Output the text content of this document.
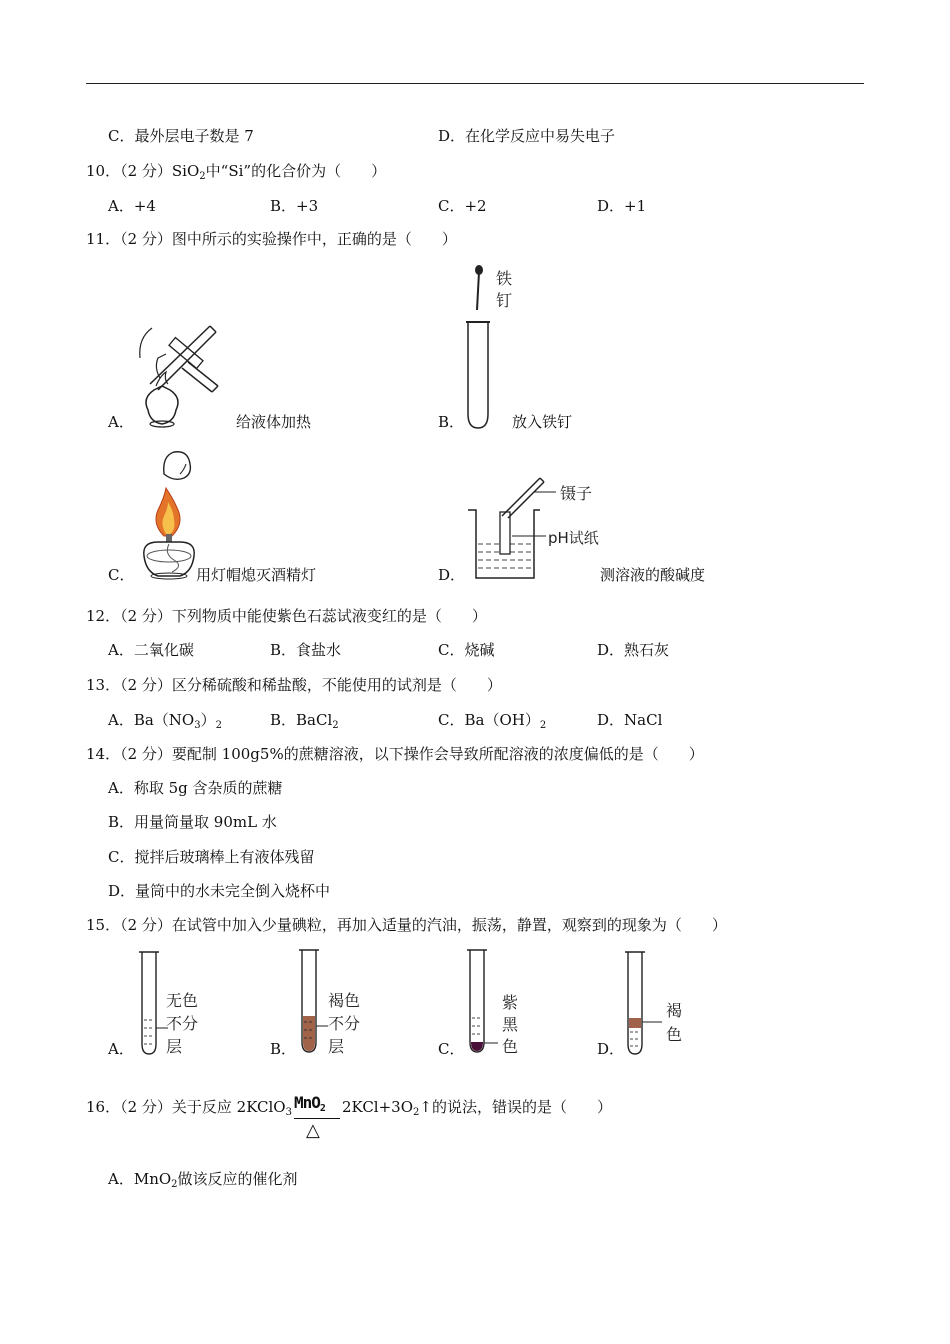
C．最外层电子数是 7	D．在化学反应中易失电子
10．（2 分）SiO$_2$中“Si”的化合价为（　　）
A．+4	B．+3	C．+2	D．+1
11．（2 分）图中所示的实验操作中，正确的是（　　）
A．	给液体加热	B．
铁
钉
放入铁钉
C．	用灯帽熄灭酒精灯	D．
镊子
pH试纸
测溶液的酸碱度
12．（2 分）下列物质中能使紫色石蕊试液变红的是（　　）
A．二氧化碳	B．食盐水	C．烧碱	D．熟石灰
13．（2 分）区分稀硫酸和稀盐酸，不能使用的试剂是（　　）
A．$Ba(NO_3)_2$	B．BaCl$_2$	C．$Ba(OH)_2$	D．NaCl
14．（2 分）要配制 100g5%的蔗糖溶液，以下操作会导致所配溶液的浓度偏低的是（　　）
A．称取 5g 含杂质的蔗糖
B．用量筒量取 90mL 水
C．搅拌后玻璃棒上有液体残留
D．量筒中的水未完全倒入烧杯中
15．（2 分）在试管中加入少量碘粒，再加入适量的汽油，振荡，静置，观察到的现象为（　　）
A．
无色
不分
层	B．
褐色
不分
层	C．
紫
黑
色	D．
褐
色
16．（2 分）关于反应 2KClO$_3$
MnO$_2$
△
$2KCl+3O_2↑$的说法，错误的是（　　）
A．MnO$_2$做该反应的催化剂
